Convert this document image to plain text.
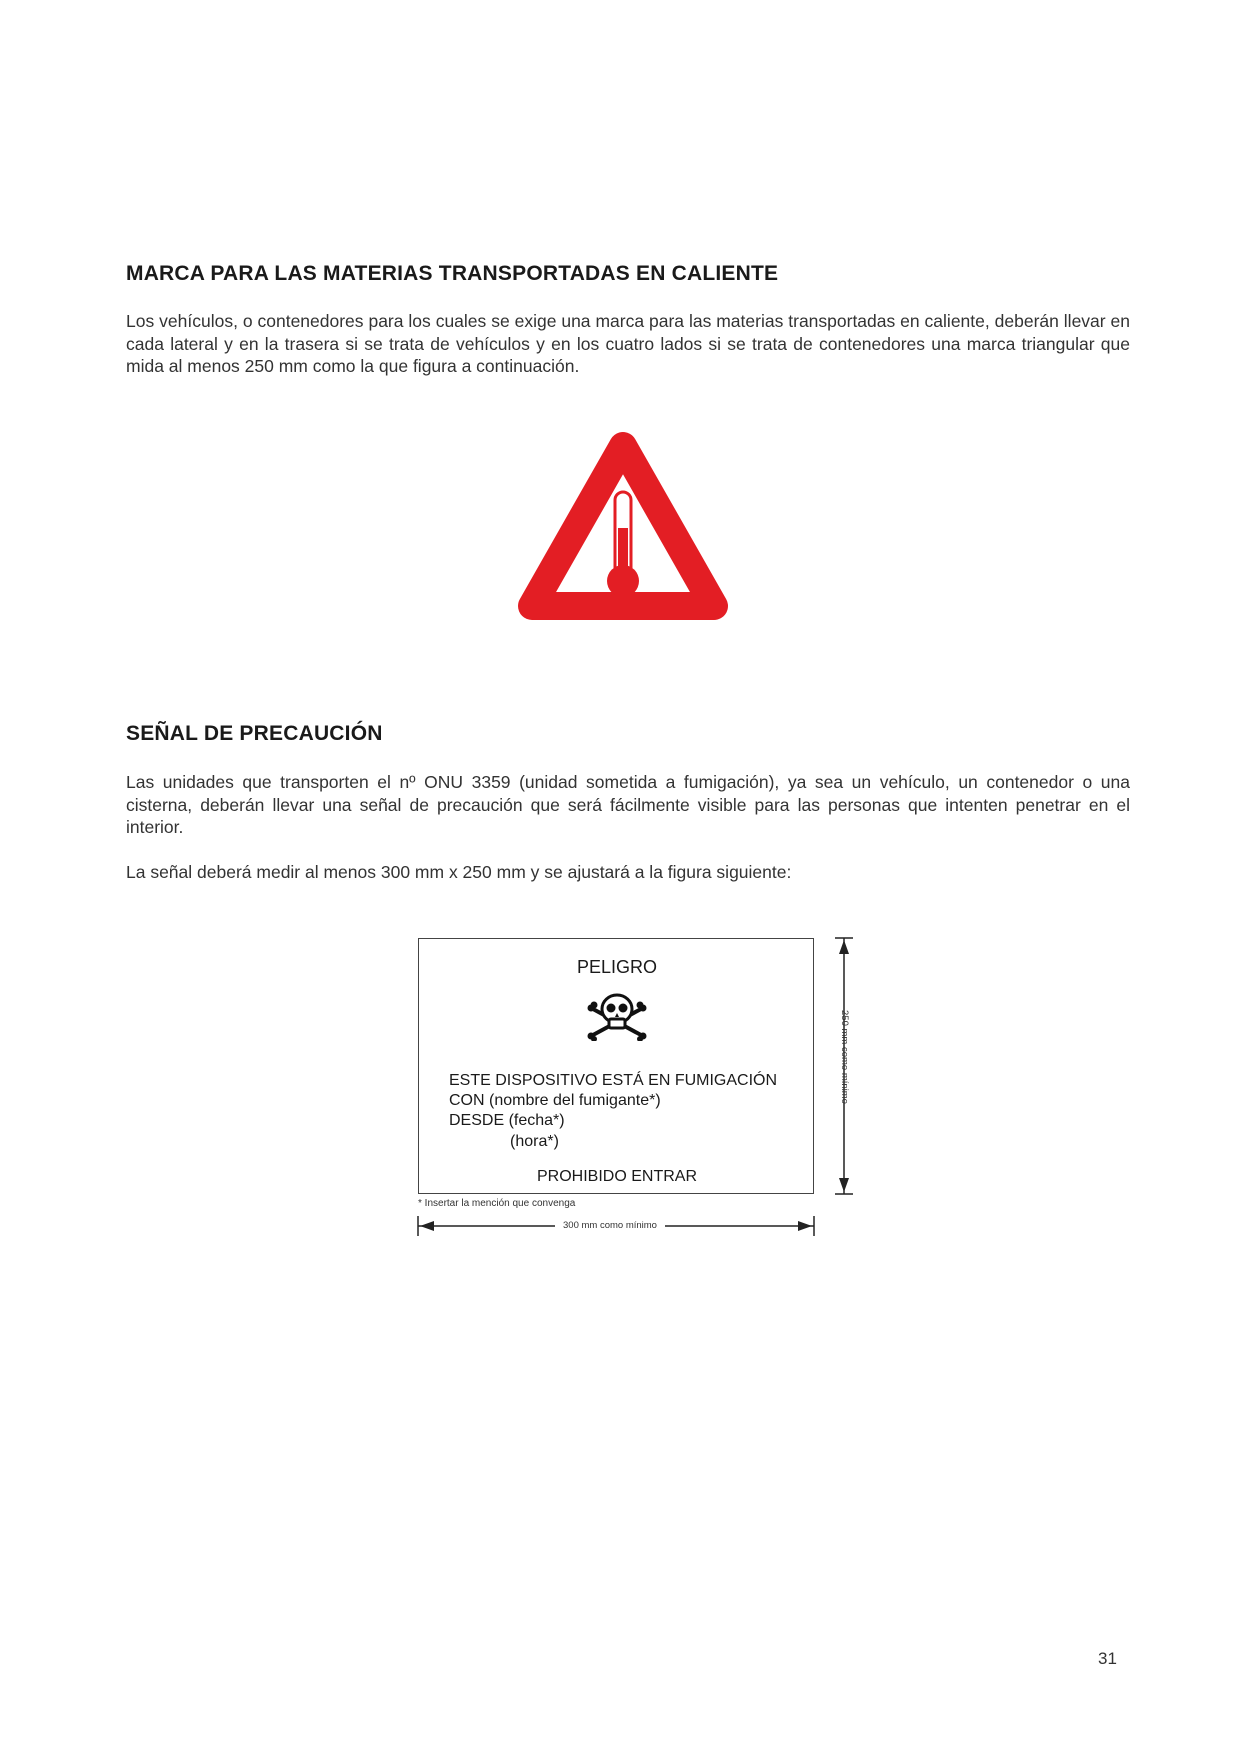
MARCA PARA LAS MATERIAS TRANSPORTADAS EN CALIENTE

Los vehículos, o contenedores para los cuales se exige una marca para las materias transportadas en caliente, deberán llevar en cada lateral y en la trasera si se trata de vehículos y en los cuatro lados si se trata de contenedores una marca triangular que mida al menos 250 mm como la que figura a continuación.

SEÑAL DE PRECAUCIÓN

Las unidades que transporten el nº ONU 3359 (unidad sometida a fumigación), ya sea un vehículo, un contenedor o una cisterna, deberán llevar una señal de precaución que será fácilmente visible para las personas que intenten penetrar en el interior.

La señal deberá medir al menos 300 mm x 250 mm y se ajustará a la figura siguiente:

PELIGRO
ESTE DISPOSITIVO ESTÁ EN FUMIGACIÓN
CON (nombre del fumigante*)
DESDE (fecha*)
(hora*)
PROHIBIDO ENTRAR
* Insertar la mención que convenga
250 mm como mínimo
300 mm como mínimo
31
